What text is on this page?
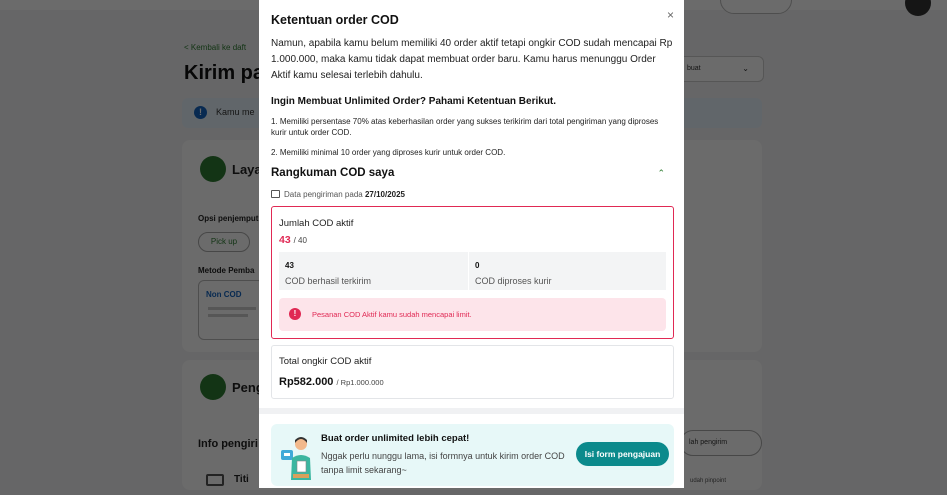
Namun, apabila kamu belum memiliki 40 order aktif tetapi ongkir COD sudah mencapai Rp 1.000.000, maka kamu tidak dapat membuat order baru. Kamu harus menunggu Order Aktif kamu selesai terlebih dahulu.

Ingin Membuat Unlimited Order? Pahami Ketentuan Berikut.
1. Memiliki persentase 70% atas keberhasilan order yang sukses terikirim dari total pengiriman yang diproses kurir untuk order COD.
2. Memiliki minimal 10 order yang diproses kurir untuk order COD.
Ketentuan order COD	×
Rangkuman COD saya	⌃
Data pengiriman pada 27/10/2025
Jumlah COD aktif
43 / 40
43
COD berhasil terkirim
0
COD diproses kurir
!	Pesanan COD Aktif kamu sudah mencapai limit.
Total ongkir COD aktif
Rp582.000 / Rp1.000.000
Buat order unlimited lebih cepat!
Nggak perlu nunggu lama, isi formnya untuk kirim order COD tanpa limit sekarang~
Isi form pengajuan
